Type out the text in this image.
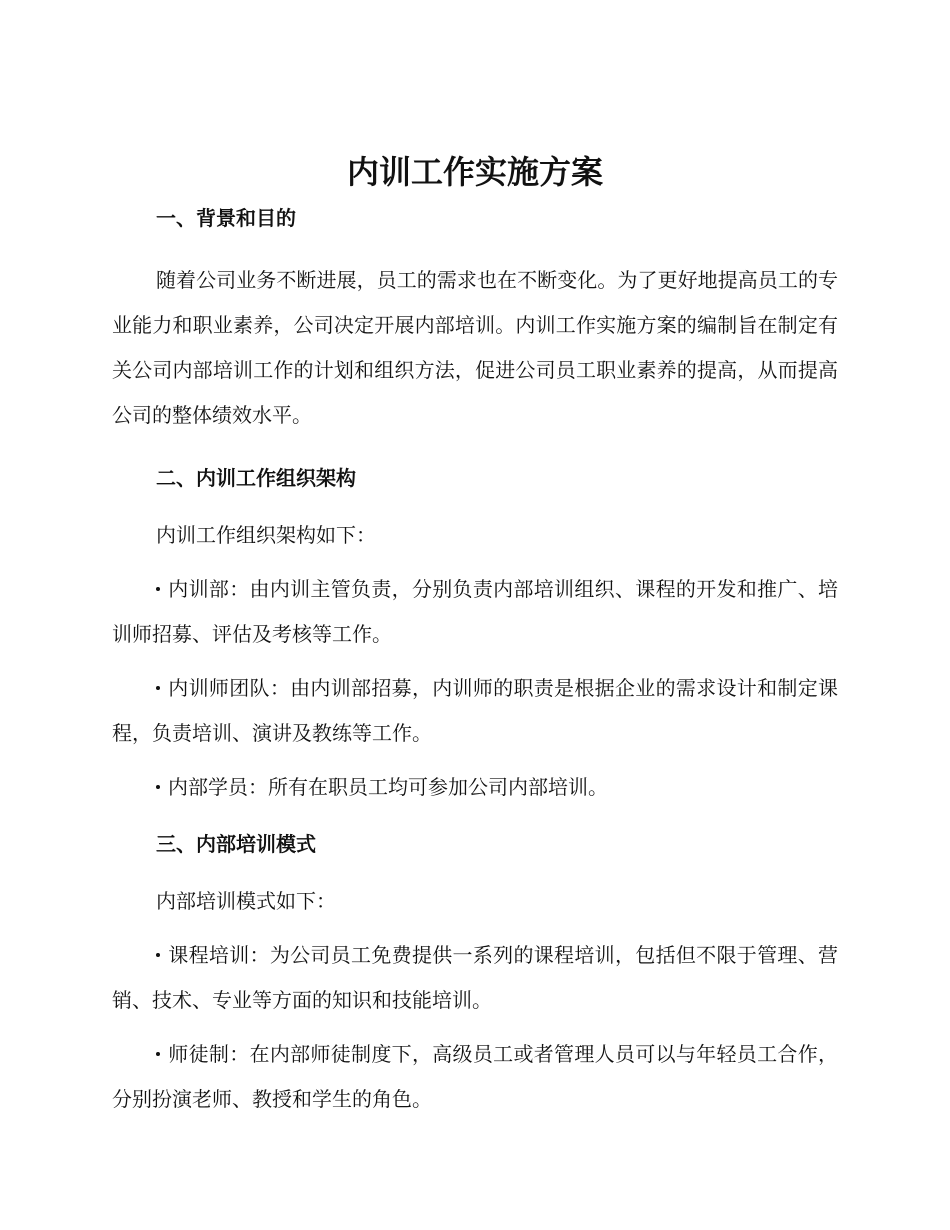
内训工作实施方案
一、背景和目的

随着公司业务不断进展，员工的需求也在不断变化。为了更好地提高员工的专业能力和职业素养，公司决定开展内部培训。内训工作实施方案的编制旨在制定有关公司内部培训工作的计划和组织方法，促进公司员工职业素养的提高，从而提高公司的整体绩效水平。

二、内训工作组织架构

内训工作组织架构如下：

内训部：由内训主管负责，分别负责内部培训组织、课程的开发和推广、培训师招募、评估及考核等工作。

内训师团队：由内训部招募，内训师的职责是根据企业的需求设计和制定课程，负责培训、演讲及教练等工作。

内部学员：所有在职员工均可参加公司内部培训。

三、内部培训模式

内部培训模式如下：

课程培训：为公司员工免费提供一系列的课程培训，包括但不限于管理、营销、技术、专业等方面的知识和技能培训。

师徒制：在内部师徒制度下，高级员工或者管理人员可以与年轻员工合作，分别扮演老师、教授和学生的角色。
